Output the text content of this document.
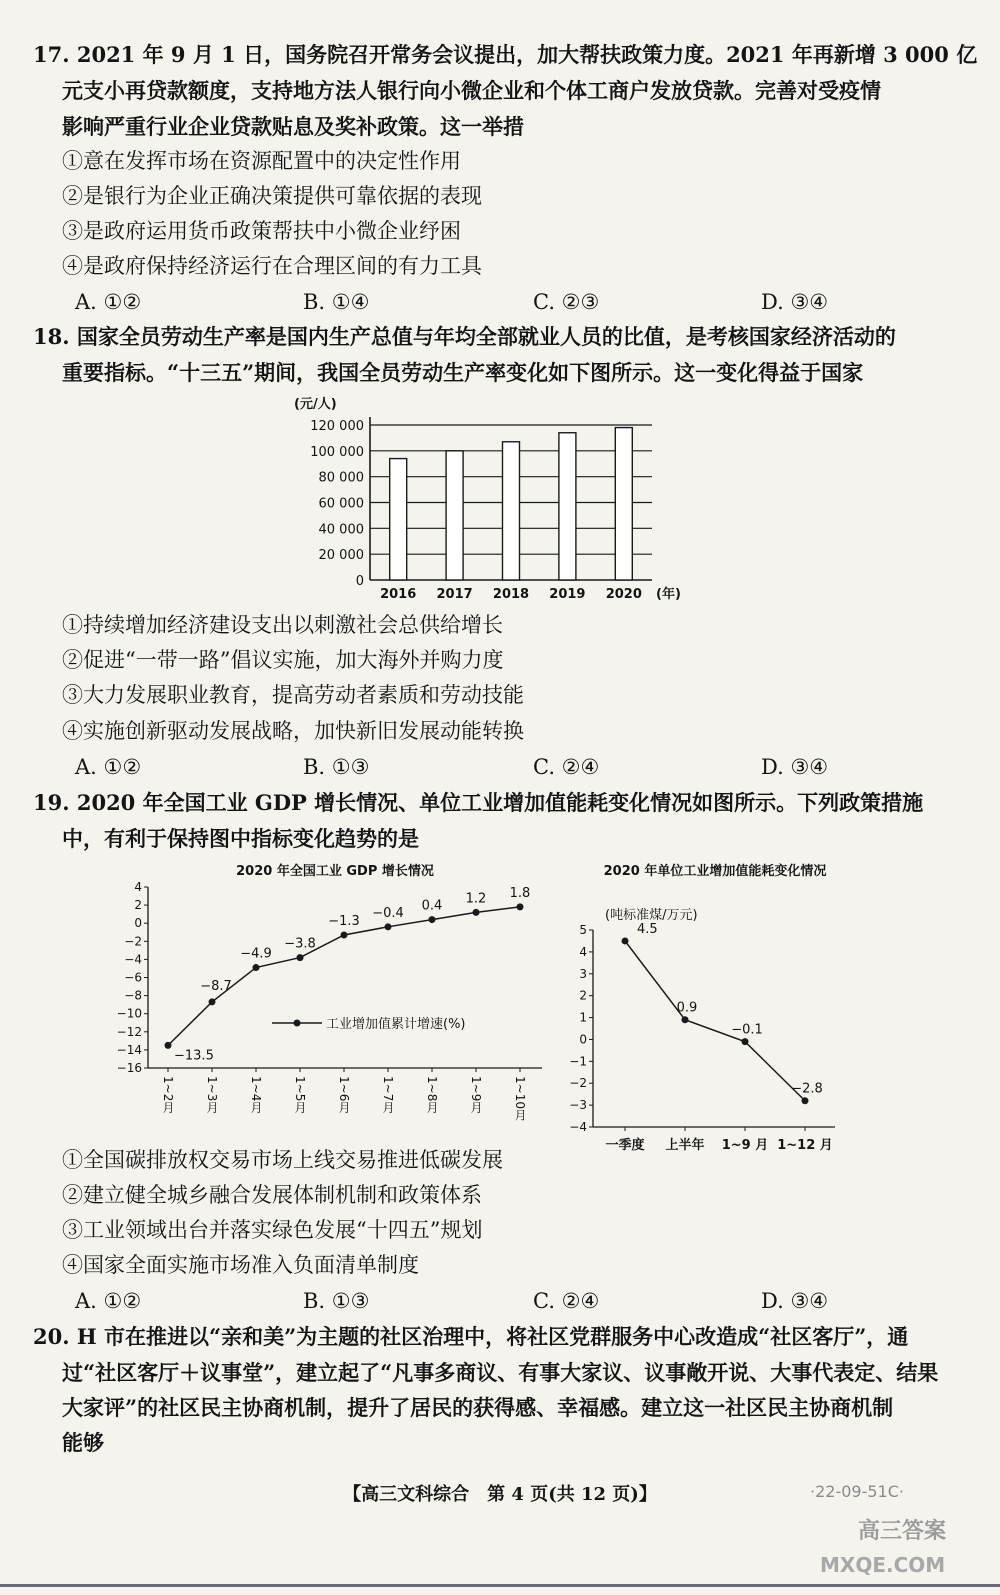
17. 2021 年 9 月 1 日，国务院召开常务会议提出，加大帮扶政策力度。2021 年再新增 3 000 亿
元支小再贷款额度，支持地方法人银行向小微企业和个体工商户发放贷款。完善对受疫情
影响严重行业企业贷款贴息及奖补政策。这一举措
①意在发挥市场在资源配置中的决定性作用
②是银行为企业正确决策提供可靠依据的表现
③是政府运用货币政策帮扶中小微企业纾困
④是政府保持经济运行在合理区间的有力工具
A. ①②	B. ①④	C. ②③	D. ③④
18. 国家全员劳动生产率是国内生产总值与年均全部就业人员的比值，是考核国家经济活动的
重要指标。“十三五”期间，我国全员劳动生产率变化如下图所示。这一变化得益于国家
(元/人)
0
20 000
40 000
60 000
80 000
100 000
120 000
2016 2017 2018 2019 2020 (年)
①持续增加经济建设支出以刺激社会总供给增长
②促进“一带一路”倡议实施，加大海外并购力度
③大力发展职业教育，提高劳动者素质和劳动技能
④实施创新驱动发展战略，加快新旧发展动能转换
A. ①②	B. ①③	C. ②④	D. ③④
19. 2020 年全国工业 GDP 增长情况、单位工业增加值能耗变化情况如图所示。下列政策措施
中，有利于保持图中指标变化趋势的是
2020 年全国工业 GDP 增长情况
4
2
0
−2
−4
−6
−8
−10
−12
−14
−16
−13.5
1~2月
−8.7
1~3月
−4.9
1~4月
−3.8
1~5月
−1.3
1~6月
−0.4
1~7月
0.4
1~8月
1.2
1~9月
1.8
1~10月
工业增加值累计增速(%)
2020 年单位工业增加值能耗变化情况
(吨标准煤/万元)
5
4
3
2
1
0
−1
−2
−3
−4
4.5
一季度
0.9
上半年
−0.1
1~9 月
−2.8
1~12 月
①全国碳排放权交易市场上线交易推进低碳发展
②建立健全城乡融合发展体制机制和政策体系
③工业领域出台并落实绿色发展“十四五”规划
④国家全面实施市场准入负面清单制度
A. ①②	B. ①③	C. ②④	D. ③④
20. H 市在推进以“亲和美”为主题的社区治理中，将社区党群服务中心改造成“社区客厅”，通
过“社区客厅＋议事堂”，建立起了“凡事多商议、有事大家议、议事敞开说、大事代表定、结果
大家评”的社区民主协商机制，提升了居民的获得感、幸福感。建立这一社区民主协商机制
能够
【高三文科综合　第 4 页(共 12 页)】	·22-09-51C·
高三答案
MXQE.COM
